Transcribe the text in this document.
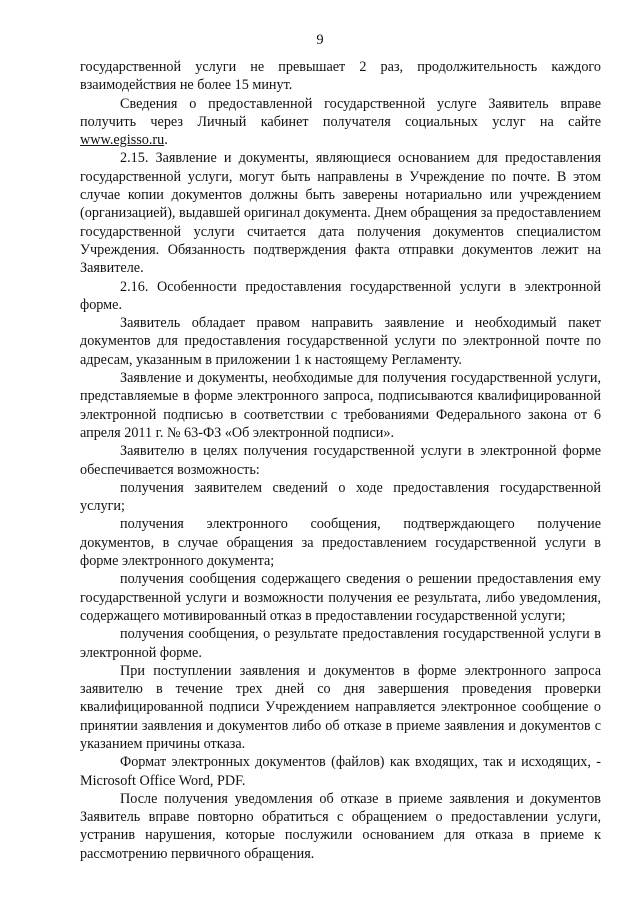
9

государственной услуги не превышает 2 раз, продолжительность каждого взаимодействия не более 15 минут.

Сведения о предоставленной государственной услуге Заявитель вправе получить через Личный кабинет получателя социальных услуг на сайте www.egisso.ru.

2.15. Заявление и документы, являющиеся основанием для предоставления государственной услуги, могут быть направлены в Учреждение по почте. В этом случае копии документов должны быть заверены нотариально или учреждением (организацией), выдавшей оригинал документа. Днем обращения за предоставлением государственной услуги считается дата получения документов специалистом Учреждения. Обязанность подтверждения факта отправки документов лежит на Заявителе.

2.16. Особенности предоставления государственной услуги в электронной форме.

Заявитель обладает правом направить заявление и необходимый пакет документов для предоставления государственной услуги по электронной почте по адресам, указанным в приложении 1 к настоящему Регламенту.

Заявление и документы, необходимые для получения государственной услуги, представляемые в форме электронного запроса, подписываются квалифицированной электронной подписью в соответствии с требованиями Федерального закона от 6 апреля 2011 г. № 63-ФЗ «Об электронной подписи».

Заявителю в целях получения государственной услуги в электронной форме обеспечивается возможность:

получения заявителем сведений о ходе предоставления государственной услуги;

получения электронного сообщения, подтверждающего получение документов, в случае обращения за предоставлением государственной услуги в форме электронного документа;

получения сообщения содержащего сведения о решении предоставления ему государственной услуги и возможности получения ее результата, либо уведомления, содержащего мотивированный отказ в предоставлении государственной услуги;

получения сообщения, о результате предоставления государственной услуги в электронной форме.

При поступлении заявления и документов в форме электронного запроса заявителю в течение трех дней со дня завершения проведения проверки квалифицированной подписи Учреждением направляется электронное сообщение о принятии заявления и документов либо об отказе в приеме заявления и документов с указанием причины отказа.

Формат электронных документов (файлов) как входящих, так и исходящих, - Microsoft Office Word, PDF.

После получения уведомления об отказе в приеме заявления и документов Заявитель вправе повторно обратиться с обращением о предоставлении услуги, устранив нарушения, которые послужили основанием для отказа в приеме к рассмотрению первичного обращения.
